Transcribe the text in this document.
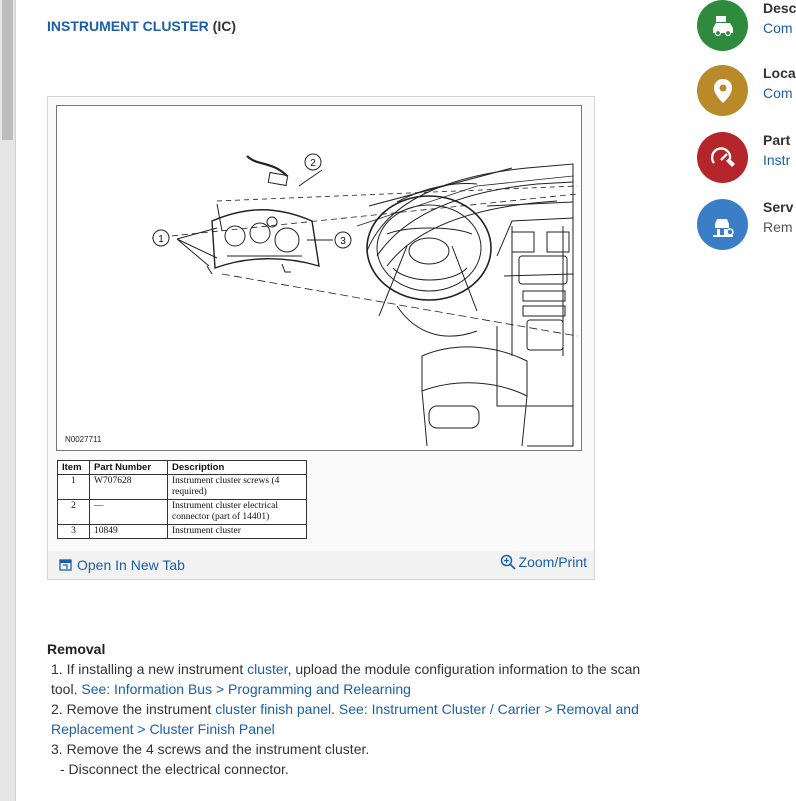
INSTRUMENT CLUSTER (IC)
1
2
3
N0027711
Item	Part Number	Description
1	W707628	Instrument cluster screws (4 required)
2	—	Instrument cluster electrical connector (part of 14401)
3	10849	Instrument cluster
Open In New Tab	Zoom/Print
Removal
1. If installing a new instrument cluster, upload the module configuration information to the scan tool. See: Information Bus > Programming and Relearning
2. Remove the instrument cluster finish panel. See: Instrument Cluster / Carrier > Removal and Replacement > Cluster Finish Panel
3. Remove the 4 screws and the instrument cluster.
- Disconnect the electrical connector.
Desc
Com
Loca
Com
Part
Instr
Serv
Rem
